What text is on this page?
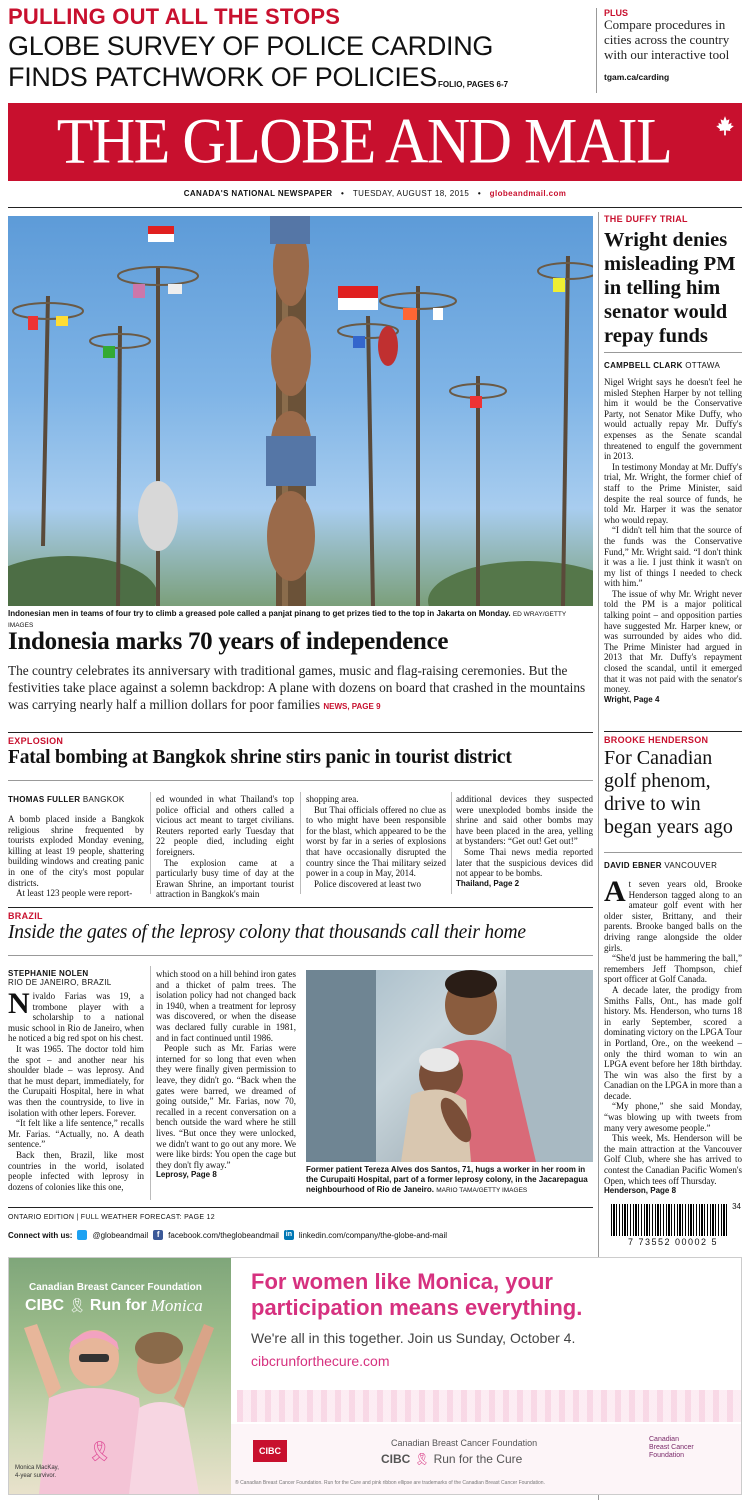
PULLING OUT ALL THE STOPS
GLOBE SURVEY OF POLICE CARDING
FINDS PATCHWORK OF POLICIES FOLIO, PAGES 6-7
PLUS
Compare procedures in cities across the country with our interactive tool
tgam.ca/carding
THE GLOBE AND MAIL
CANADA'S NATIONAL NEWSPAPER • TUESDAY, AUGUST 18, 2015 • globeandmail.com
Indonesian men in teams of four try to climb a greased pole called a panjat pinang to get prizes tied to the top in Jakarta on Monday. ED WRAY/GETTY IMAGES
Indonesia marks 70 years of independence
The country celebrates its anniversary with traditional games, music and flag-raising ceremonies. But the festivities take place against a solemn backdrop: A plane with dozens on board that crashed in the mountains was carrying nearly half a million dollars for poor families NEWS, PAGE 9
THE DUFFY TRIAL
Wright denies misleading PM in telling him senator would repay funds
CAMPBELL CLARK OTTAWA

Nigel Wright says he doesn't feel he misled Stephen Harper by not telling him it would be the Conservative Party, not Senator Mike Duffy, who would actually repay Mr. Duffy's expenses as the Senate scandal threatened to engulf the government in 2013.

In testimony Monday at Mr. Duffy's trial, Mr. Wright, the former chief of staff to the Prime Minister, said despite the real source of funds, he told Mr. Harper it was the senator who would repay.

“I didn't tell him that the source of the funds was the Conservative Fund,” Mr. Wright said. “I don't think it was a lie. I just think it wasn't on my list of things I needed to check with him.”

The issue of why Mr. Wright never told the PM is a major political talking point – and opposition parties have suggested Mr. Harper knew, or was surrounded by aides who did. The Prime Minister had argued in 2013 that Mr. Duffy's repayment closed the scandal, until it emerged that it was not paid with the senator's money.

Wright, Page 4
BROOKE HENDERSON
For Canadian golf phenom, drive to win began years ago
DAVID EBNER VANCOUVER

At seven years old, Brooke Henderson tagged along to an amateur golf event with her older sister, Brittany, and their parents. Brooke banged balls on the driving range alongside the older girls.

“She'd just be hammering the ball,” remembers Jeff Thompson, chief sport officer at Golf Canada.

A decade later, the prodigy from Smiths Falls, Ont., has made golf history. Ms. Henderson, who turns 18 in early September, scored a dominating victory on the LPGA Tour in Portland, Ore., on the weekend – only the third woman to win an LPGA event before her 18th birthday. The win was also the first by a Canadian on the LPGA in more than a decade.

“My phone,” she said Monday, “was blowing up with tweets from many very awesome people.”

This week, Ms. Henderson will be the main attraction at the Vancouver Golf Club, where she has arrived to contest the Canadian Pacific Women's Open, which tees off Thursday.

Henderson, Page 8
EXPLOSION
Fatal bombing at Bangkok shrine stirs panic in tourist district
THOMAS FULLER BANGKOK

A bomb placed inside a Bangkok religious shrine frequented by tourists exploded Monday evening, killing at least 19 people, shattering building windows and creating panic in one of the city's most popular districts.

At least 123 people were report-

ed wounded in what Thailand's top police official and others called a vicious act meant to target civilians. Reuters reported early Tuesday that 22 people died, including eight foreigners.

The explosion came at a particularly busy time of day at the Erawan Shrine, an important tourist attraction in Bangkok's main

shopping area.

But Thai officials offered no clue as to who might have been responsible for the blast, which appeared to be the worst by far in a series of explosions that have occasionally disrupted the country since the Thai military seized power in a coup in May, 2014.

Police discovered at least two

additional devices they suspected were unexploded bombs inside the shrine and said other bombs may have been placed in the area, yelling at bystanders: “Get out! Get out!”

Some Thai news media reported later that the suspicious devices did not appear to be bombs.

Thailand, Page 2
BRAZIL
Inside the gates of the leprosy colony that thousands call their home
STEPHANIE NOLEN
RIO DE JANEIRO, BRAZIL

Nivaldo Farias was 19, a trombone player with a scholarship to a national music school in Rio de Janeiro, when he noticed a big red spot on his chest.

It was 1965. The doctor told him the spot – and another near his shoulder blade – was leprosy. And that he must depart, immediately, for the Curupaiti Hospital, here in what was then the countryside, to live in isolation with other lepers. Forever.

“It felt like a life sentence,” recalls Mr. Farias. “Actually, no. A death sentence.”

Back then, Brazil, like most countries in the world, isolated people infected with leprosy in dozens of colonies like this one,

which stood on a hill behind iron gates and a thicket of palm trees. The isolation policy had not changed back in 1940, when a treatment for leprosy was discovered, or when the disease was declared fully curable in 1981, and in fact continued until 1986.

People such as Mr. Farias were interned for so long that even when they were finally given permission to leave, they didn't go. “Back when the gates were barred, we dreamed of going outside,” Mr. Farias, now 70, recalled in a recent conversation on a bench outside the ward where he still lives. “But once they were unlocked, we didn't want to go out any more. We were like birds: You open the cage but they don't fly away.”

Leprosy, Page 8
Former patient Tereza Alves dos Santos, 71, hugs a worker in her room in the Curupaiti Hospital, part of a former leprosy colony, in the Jacarepagua neighbourhood of Rio de Janeiro. MARIO TAMA/GETTY IMAGES
ONTARIO EDITION | FULL WEATHER FORECAST: PAGE 12
Connect with us:	@globeandmail	f	facebook.com/theglobeandmail in linkedin.com/company/the-globe-and-mail
34
7 73552 00002 5
Canadian Breast Cancer Foundation
CIBC 🎗 Run for Monica
🎗
Monica MacKay,
4-year survivor.
For women like Monica, your participation means everything.
We're all in this together. Join us Sunday, October 4.
cibcrunforthecure.com
CIBC
Canadian Breast Cancer Foundation
CIBC 🎗 Run for the Cure
Canadian
Breast Cancer
Foundation
® Canadian Breast Cancer Foundation. Run for the Cure and pink ribbon ellipse are trademarks of the Canadian Breast Cancer Foundation.
